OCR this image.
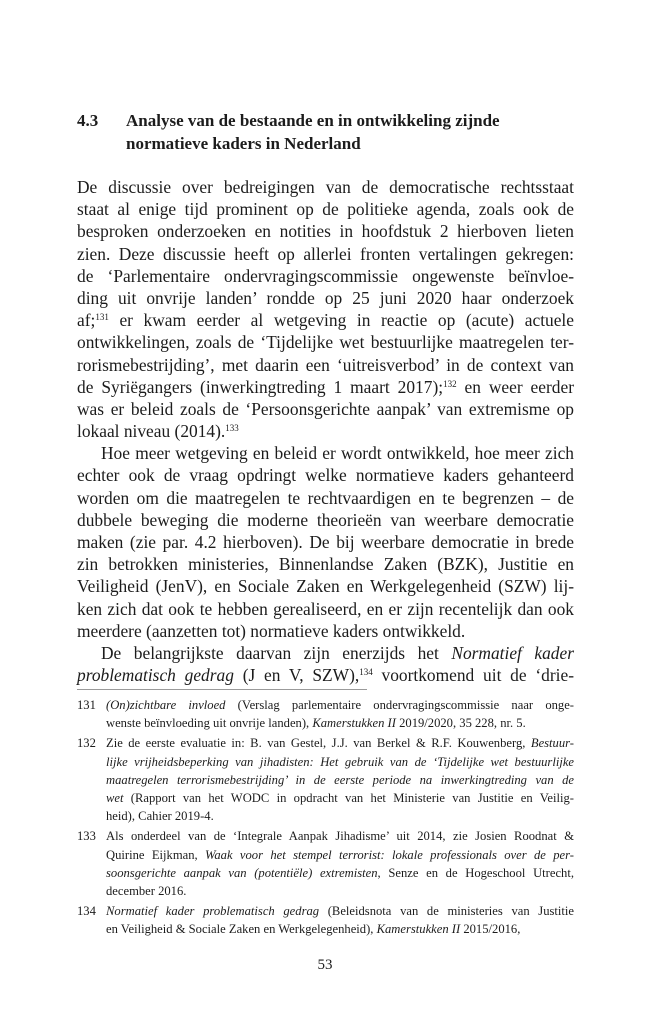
4.3 Analyse van de bestaande en in ontwikkeling zijnde
normatieve kaders in Nederland
De discussie over bedreigingen van de democratische rechtsstaat
staat al enige tijd prominent op de politieke agenda, zoals ook de
besproken onderzoeken en notities in hoofdstuk 2 hierboven lieten
zien. Deze discussie heeft op allerlei fronten vertalingen gekregen:
de ‘Parlementaire ondervragingscommissie ongewenste beïnvloe-
ding uit onvrije landen’ rondde op 25 juni 2020 haar onderzoek
af;$^{131}$ er kwam eerder al wetgeving in reactie op (acute) actuele
ontwikkelingen, zoals de ‘Tijdelijke wet bestuurlijke maatregelen ter-
rorismebestrijding’, met daarin een ‘uitreisverbod’ in de context van
de Syriëgangers (inwerkingtreding 1 maart 2017);$^{132}$ en weer eerder
was er beleid zoals de ‘Persoonsgerichte aanpak’ van extremisme op
lokaal niveau (2014).$^{133}$
Hoe meer wetgeving en beleid er wordt ontwikkeld, hoe meer zich
echter ook de vraag opdringt welke normatieve kaders gehanteerd
worden om die maatregelen te rechtvaardigen en te begrenzen – de
dubbele beweging die moderne theorieën van weerbare democratie
maken (zie par. 4.2 hierboven). De bij weerbare democratie in brede
zin betrokken ministeries, Binnenlandse Zaken (BZK), Justitie en
Veiligheid (JenV), en Sociale Zaken en Werkgelegenheid (SZW) lij-
ken zich dat ook te hebben gerealiseerd, en er zijn recentelijk dan ook
meerdere (aanzetten tot) normatieve kaders ontwikkeld.
De belangrijkste daarvan zijn enerzijds het Normatief kader
problematisch gedrag (J en V, SZW),$^{134}$ voortkomend uit de ‘drie-
131 (On)zichtbare invloed (Verslag parlementaire ondervragingscommissie naar onge-
wenste beïnvloeding uit onvrije landen), Kamerstukken II 2019/2020, 35 228, nr. 5.
132 Zie de eerste evaluatie in: B. van Gestel, J.J. van Berkel & R.F. Kouwenberg, Bestuur-
lijke vrijheidsbeperking van jihadisten: Het gebruik van de ‘Tijdelijke wet bestuurlijke
maatregelen terrorismebestrijding’ in de eerste periode na inwerkingtreding van de
wet (Rapport van het WODC in opdracht van het Ministerie van Justitie en Veilig-
heid), Cahier 2019-4.
133 Als onderdeel van de ‘Integrale Aanpak Jihadisme’ uit 2014, zie Josien Roodnat &
Quirine Eijkman, Waak voor het stempel terrorist: lokale professionals over de per-
soonsgerichte aanpak van (potentiële) extremisten, Senze en de Hogeschool Utrecht,
december 2016.
134 Normatief kader problematisch gedrag (Beleidsnota van de ministeries van Justitie
en Veiligheid & Sociale Zaken en Werkgelegenheid), Kamerstukken II 2015/2016,
53
